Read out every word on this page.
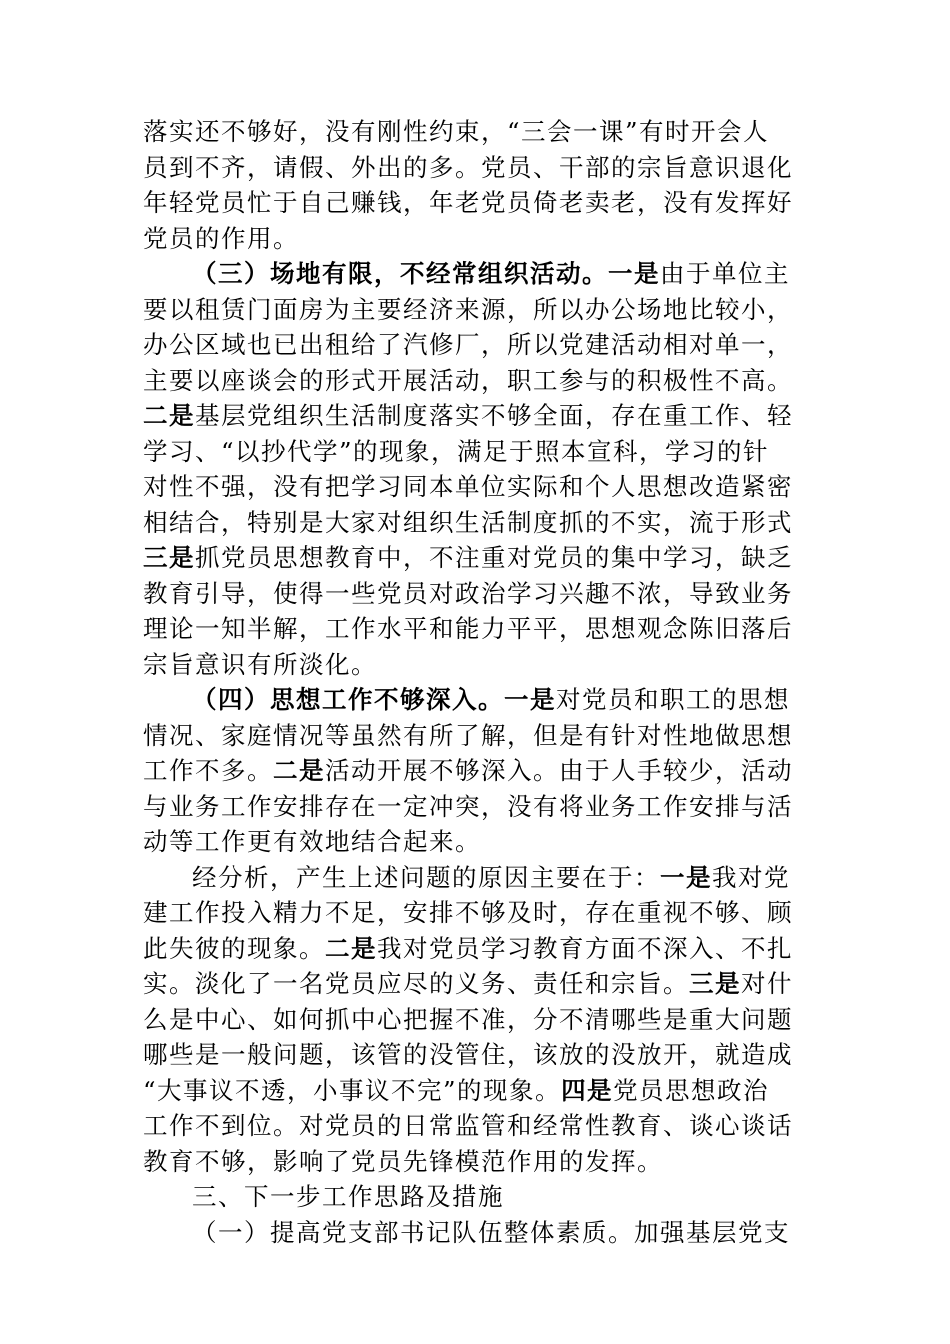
落实还不够好，没有刚性约束，“三会一课”有时开会人
员到不齐，请假、外出的多。党员、干部的宗旨意识退化
年轻党员忙于自己赚钱，年老党员倚老卖老，没有发挥好
党员的作用。
（三）场地有限，不经常组织活动。一是由于单位主
要以租赁门面房为主要经济来源，所以办公场地比较小，
办公区域也已出租给了汽修厂，所以党建活动相对单一，
主要以座谈会的形式开展活动，职工参与的积极性不高。
二是基层党组织生活制度落实不够全面，存在重工作、轻
学习、“以抄代学”的现象，满足于照本宣科，学习的针
对性不强，没有把学习同本单位实际和个人思想改造紧密
相结合，特别是大家对组织生活制度抓的不实，流于形式
三是抓党员思想教育中，不注重对党员的集中学习，缺乏
教育引导，使得一些党员对政治学习兴趣不浓，导致业务
理论一知半解，工作水平和能力平平，思想观念陈旧落后
宗旨意识有所淡化。
（四）思想工作不够深入。一是对党员和职工的思想
情况、家庭情况等虽然有所了解，但是有针对性地做思想
工作不多。二是活动开展不够深入。由于人手较少，活动
与业务工作安排存在一定冲突，没有将业务工作安排与活
动等工作更有效地结合起来。
经分析，产生上述问题的原因主要在于：一是我对党
建工作投入精力不足，安排不够及时，存在重视不够、顾
此失彼的现象。二是我对党员学习教育方面不深入、不扎
实。淡化了一名党员应尽的义务、责任和宗旨。三是对什
么是中心、如何抓中心把握不准，分不清哪些是重大问题
哪些是一般问题，该管的没管住，该放的没放开，就造成
“大事议不透，小事议不完”的现象。四是党员思想政治
工作不到位。对党员的日常监管和经常性教育、谈心谈话
教育不够，影响了党员先锋模范作用的发挥。
三、下一步工作思路及措施
（一）提高党支部书记队伍整体素质。加强基层党支
